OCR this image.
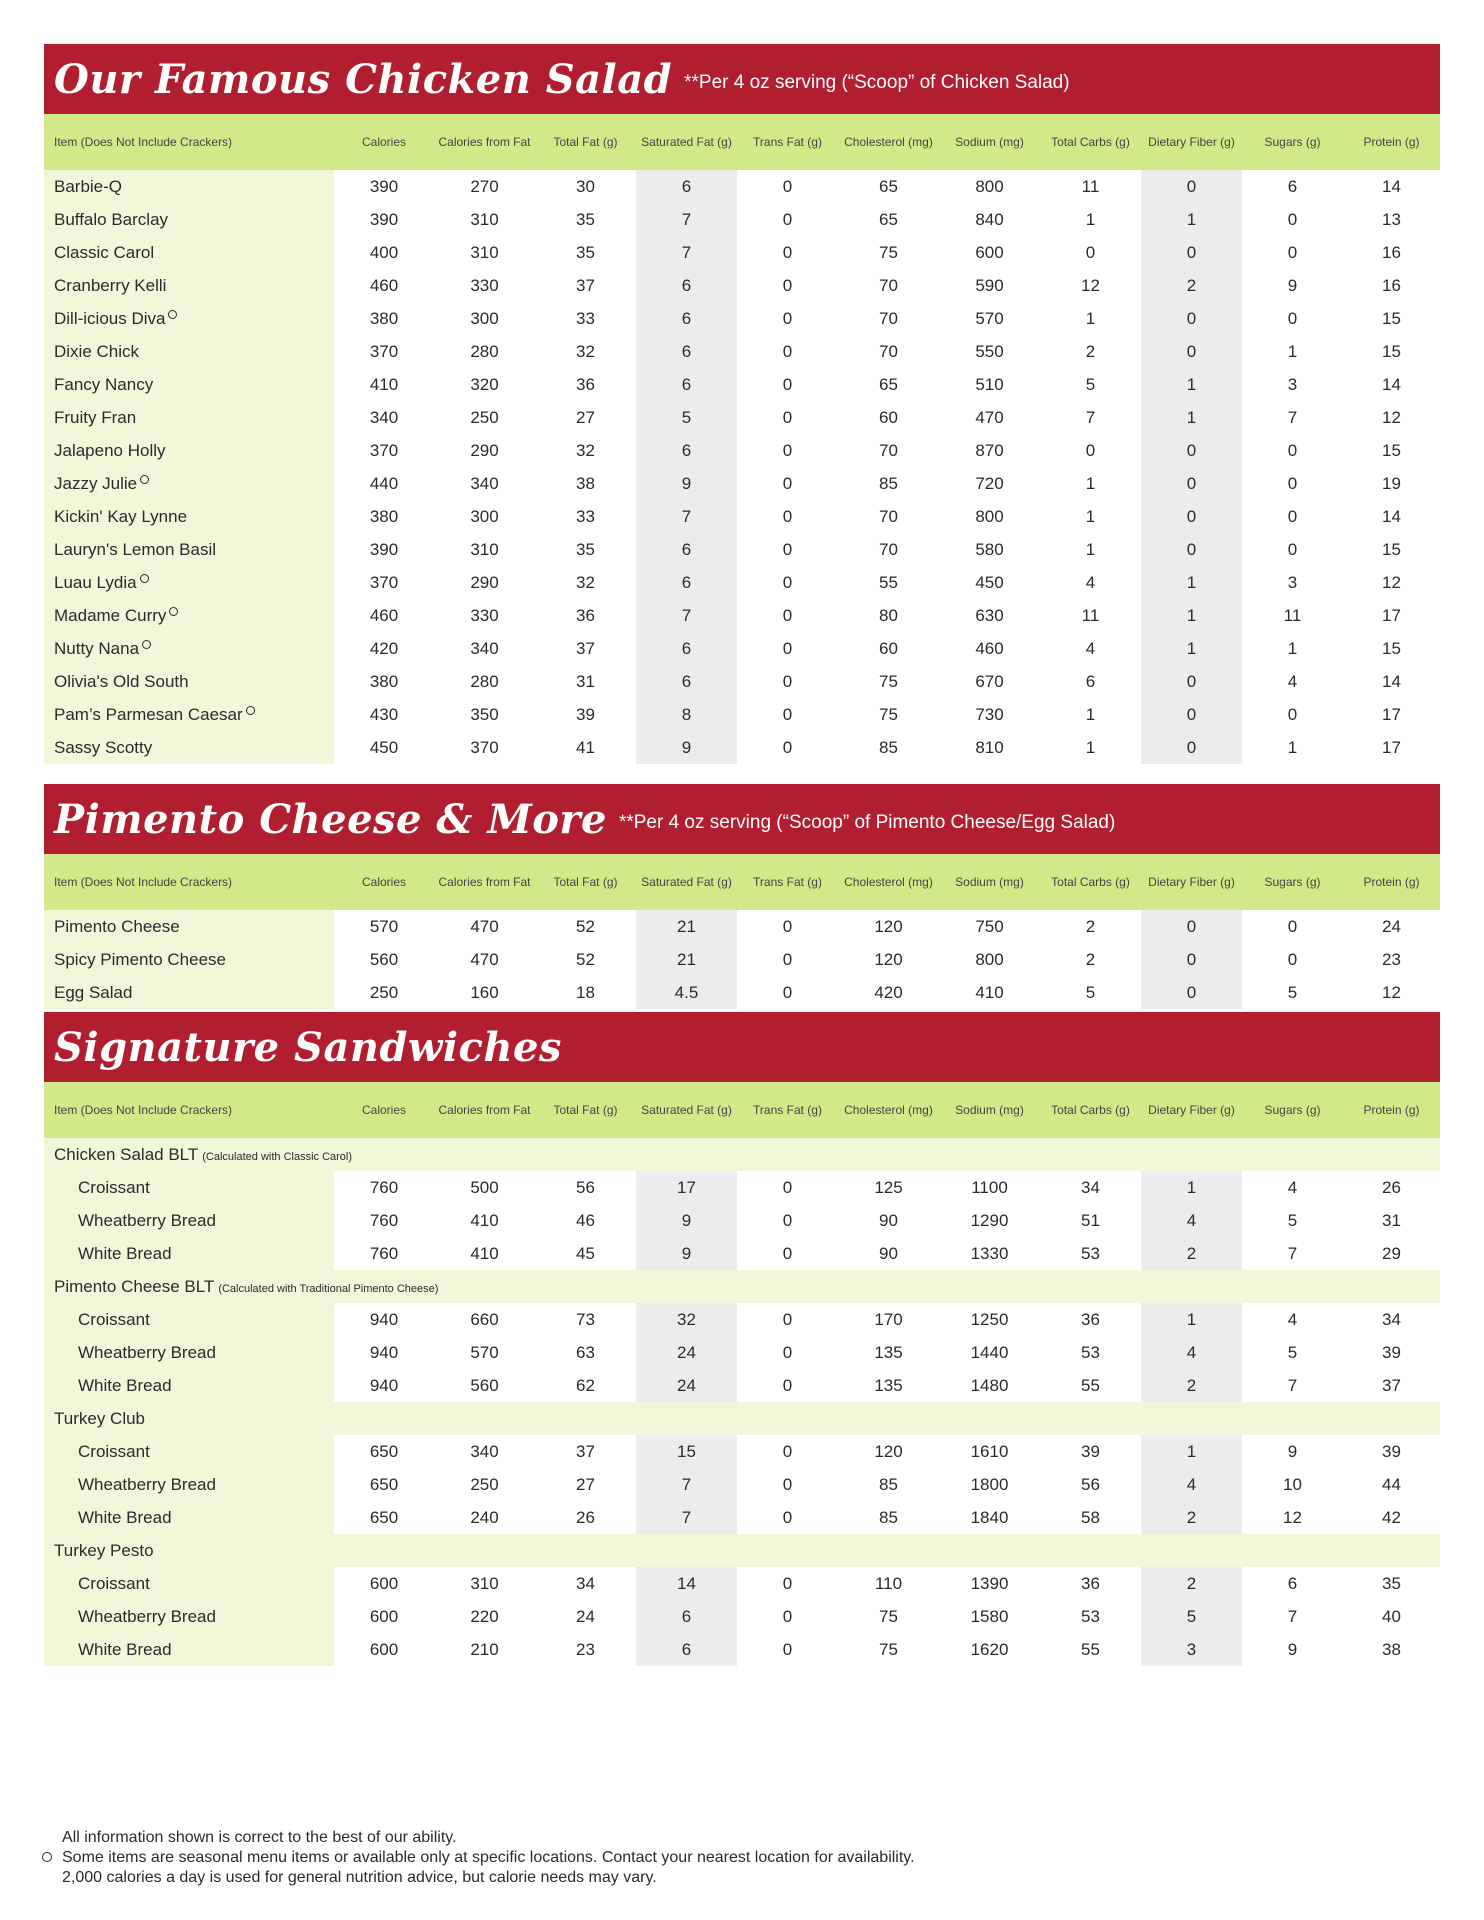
Our Famous Chicken Salad **Per 4 oz serving (“Scoop” of Chicken Salad)
Item (Does Not Include Crackers)	Calories	Calories from Fat	Total Fat (g)	Saturated Fat (g)	Trans Fat (g)	Cholesterol (mg)	Sodium (mg)	Total Carbs (g)	Dietary Fiber (g)	Sugars (g)	Protein (g)
Barbie-Q	390	270	30	6	0	65	800	11	0	6	14
Buffalo Barclay	390	310	35	7	0	65	840	1	1	0	13
Classic Carol	400	310	35	7	0	75	600	0	0	0	16
Cranberry Kelli	460	330	37	6	0	70	590	12	2	9	16
Dill-icious Diva	380	300	33	6	0	70	570	1	0	0	15
Dixie Chick	370	280	32	6	0	70	550	2	0	1	15
Fancy Nancy	410	320	36	6	0	65	510	5	1	3	14
Fruity Fran	340	250	27	5	0	60	470	7	1	7	12
Jalapeno Holly	370	290	32	6	0	70	870	0	0	0	15
Jazzy Julie	440	340	38	9	0	85	720	1	0	0	19
Kickin' Kay Lynne	380	300	33	7	0	70	800	1	0	0	14
Lauryn's Lemon Basil	390	310	35	6	0	70	580	1	0	0	15
Luau Lydia	370	290	32	6	0	55	450	4	1	3	12
Madame Curry	460	330	36	7	0	80	630	11	1	11	17
Nutty Nana	420	340	37	6	0	60	460	4	1	1	15
Olivia's Old South	380	280	31	6	0	75	670	6	0	4	14
Pam’s Parmesan Caesar	430	350	39	8	0	75	730	1	0	0	17
Sassy Scotty	450	370	41	9	0	85	810	1	0	1	17
Pimento Cheese & More **Per 4 oz serving (“Scoop” of Pimento Cheese/Egg Salad)
Item (Does Not Include Crackers)	Calories	Calories from Fat	Total Fat (g)	Saturated Fat (g)	Trans Fat (g)	Cholesterol (mg)	Sodium (mg)	Total Carbs (g)	Dietary Fiber (g)	Sugars (g)	Protein (g)
Pimento Cheese	570	470	52	21	0	120	750	2	0	0	24
Spicy Pimento Cheese	560	470	52	21	0	120	800	2	0	0	23
Egg Salad	250	160	18	4.5	0	420	410	5	0	5	12
Signature Sandwiches
Item (Does Not Include Crackers)	Calories	Calories from Fat	Total Fat (g)	Saturated Fat (g)	Trans Fat (g)	Cholesterol (mg)	Sodium (mg)	Total Carbs (g)	Dietary Fiber (g)	Sugars (g)	Protein (g)
Chicken Salad BLT (Calculated with Classic Carol)											
Croissant	760	500	56	17	0	125	1100	34	1	4	26
Wheatberry Bread	760	410	46	9	0	90	1290	51	4	5	31
White Bread	760	410	45	9	0	90	1330	53	2	7	29
Pimento Cheese BLT (Calculated with Traditional Pimento Cheese)											
Croissant	940	660	73	32	0	170	1250	36	1	4	34
Wheatberry Bread	940	570	63	24	0	135	1440	53	4	5	39
White Bread	940	560	62	24	0	135	1480	55	2	7	37
Turkey Club											
Croissant	650	340	37	15	0	120	1610	39	1	9	39
Wheatberry Bread	650	250	27	7	0	85	1800	56	4	10	44
White Bread	650	240	26	7	0	85	1840	58	2	12	42
Turkey Pesto											
Croissant	600	310	34	14	0	110	1390	36	2	6	35
Wheatberry Bread	600	220	24	6	0	75	1580	53	5	7	40
White Bread	600	210	23	6	0	75	1620	55	3	9	38
All information shown is correct to the best of our ability.
Some items are seasonal menu items or available only at specific locations. Contact your nearest location for availability.
2,000 calories a day is used for general nutrition advice, but calorie needs may vary.
